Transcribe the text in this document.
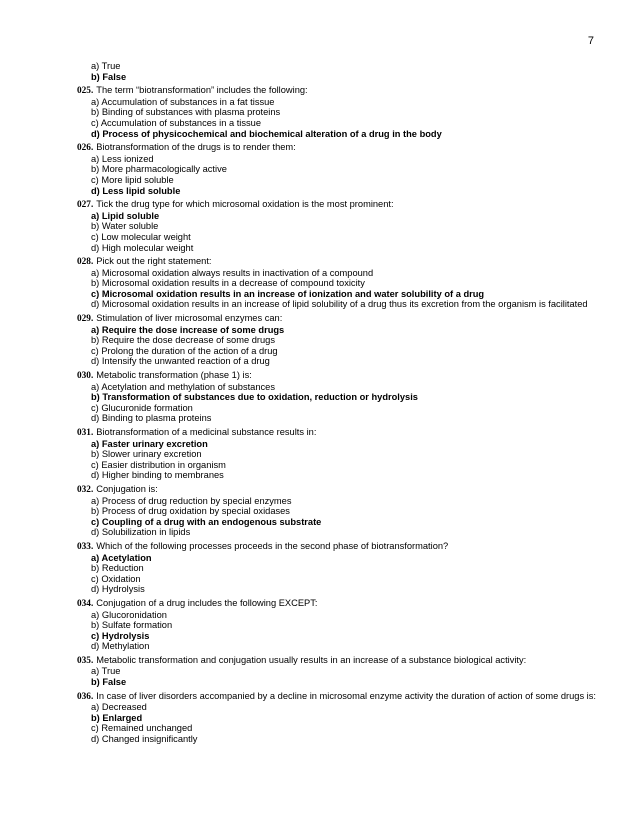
7
a) True
b) False
025. The term “biotransformation” includes the following:
a) Accumulation of substances in a fat tissue
b) Binding of substances with plasma proteins
c) Accumulation of substances in a tissue
d) Process of physicochemical and biochemical alteration of a drug in the body
026. Biotransformation of the drugs is to render them:
a) Less ionized
b) More pharmacologically active
c) More lipid soluble
d) Less lipid soluble
027. Tick the drug type for which microsomal oxidation is the most prominent:
a) Lipid soluble
b) Water soluble
c) Low molecular weight
d) High molecular weight
028. Pick out the right statement:
a) Microsomal oxidation always results in inactivation of a compound
b) Microsomal oxidation results in a decrease of compound toxicity
c) Microsomal oxidation results in an increase of ionization and water solubility of a drug
d) Microsomal oxidation results in an increase of lipid solubility of a drug thus its excretion from the organism is facilitated
029. Stimulation of liver microsomal enzymes can:
a) Require the dose increase of some drugs
b) Require the dose decrease of some drugs
c) Prolong the duration of the action of a drug
d) Intensify the unwanted reaction of a drug
030. Metabolic transformation (phase 1) is:
a) Acetylation and methylation of substances
b) Transformation of substances due to oxidation, reduction or hydrolysis
c) Glucuronide formation
d) Binding to plasma proteins
031. Biotransformation of a medicinal substance results in:
a) Faster urinary excretion
b) Slower urinary excretion
c) Easier distribution in organism
d) Higher binding to membranes
032. Conjugation is:
a) Process of drug reduction by special enzymes
b) Process of drug oxidation by special oxidases
c) Coupling of a drug with an endogenous substrate
d) Solubilization in lipids
033. Which of the following processes proceeds in the second phase of biotransformation?
a) Acetylation
b) Reduction
c) Oxidation
d) Hydrolysis
034. Conjugation of a drug includes the following EXCEPT:
a) Glucoronidation
b) Sulfate formation
c) Hydrolysis
d) Methylation
035. Metabolic transformation and conjugation usually results in an increase of a substance biological activity:
a) True
b) False
036. In case of liver disorders accompanied by a decline in microsomal enzyme activity the duration of action of some drugs is:
a) Decreased
b) Enlarged
c) Remained unchanged
d) Changed insignificantly
